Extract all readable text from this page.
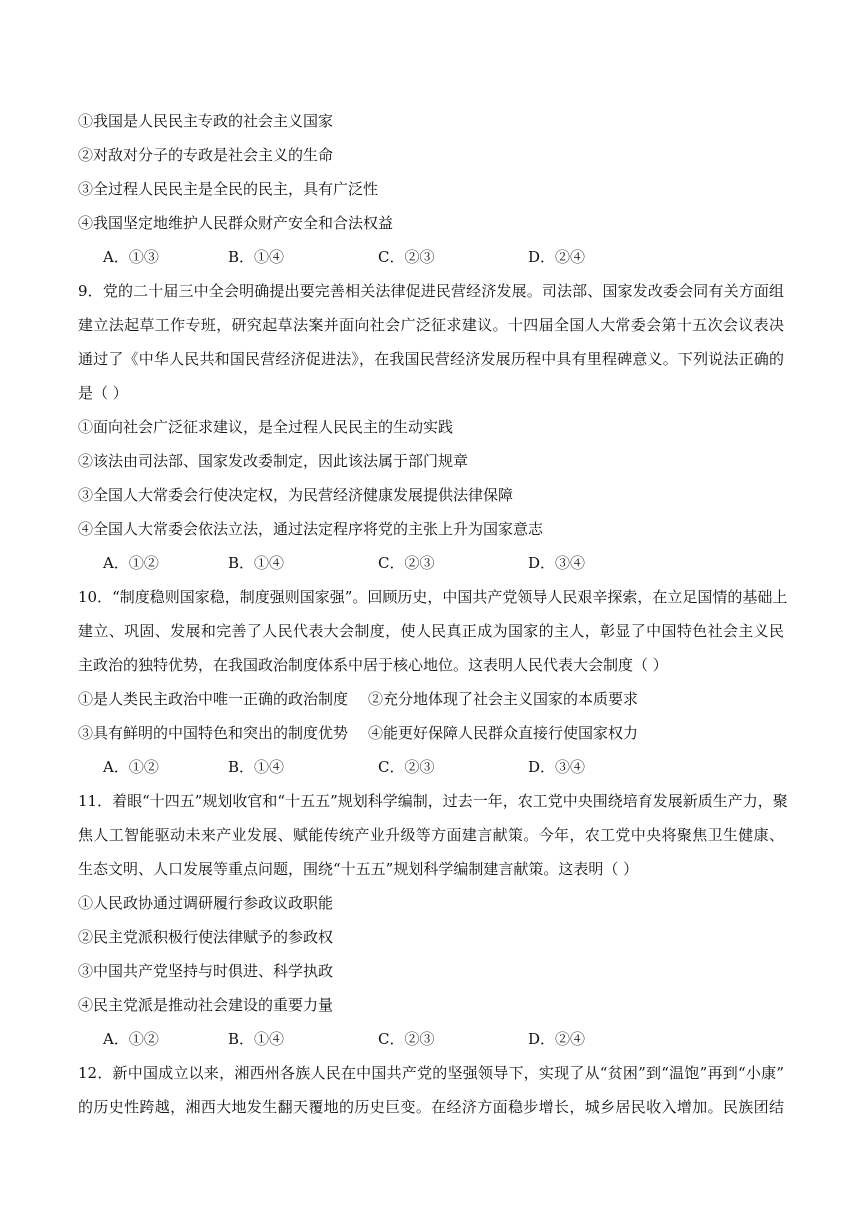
①我国是人民民主专政的社会主义国家
②对敌对分子的专政是社会主义的生命
③全过程人民民主是全民的民主，具有广泛性
④我国坚定地维护人民群众财产安全和合法权益
A．①③	B．①④	C．②③	D．②④
9．党的二十届三中全会明确提出要完善相关法律促进民营经济发展。司法部、国家发改委会同有关方面组
建立法起草工作专班，研究起草法案并面向社会广泛征求建议。十四届全国人大常委会第十五次会议表决
通过了《中华人民共和国民营经济促进法》，在我国民营经济发展历程中具有里程碑意义。下列说法正确的
是（ ）
①面向社会广泛征求建议，是全过程人民民主的生动实践
②该法由司法部、国家发改委制定，因此该法属于部门规章
③全国人大常委会行使决定权，为民营经济健康发展提供法律保障
④全国人大常委会依法立法，通过法定程序将党的主张上升为国家意志
A．①②	B．①④	C．②③	D．③④
10．“制度稳则国家稳，制度强则国家强”。回顾历史，中国共产党领导人民艰辛探索，在立足国情的基础上
建立、巩固、发展和完善了人民代表大会制度，使人民真正成为国家的主人，彰显了中国特色社会主义民
主政治的独特优势，在我国政治制度体系中居于核心地位。这表明人民代表大会制度（ ）
①是人类民主政治中唯一正确的政治制度 ②充分地体现了社会主义国家的本质要求
③具有鲜明的中国特色和突出的制度优势 ④能更好保障人民群众直接行使国家权力
A．①②	B．①④	C．②③	D．③④
11．着眼“十四五”规划收官和“十五五”规划科学编制，过去一年，农工党中央围绕培育发展新质生产力，聚
焦人工智能驱动未来产业发展、赋能传统产业升级等方面建言献策。今年，农工党中央将聚焦卫生健康、
生态文明、人口发展等重点问题，围绕“十五五”规划科学编制建言献策。这表明（ ）
①人民政协通过调研履行参政议政职能
②民主党派积极行使法律赋予的参政权
③中国共产党坚持与时俱进、科学执政
④民主党派是推动社会建设的重要力量
A．①②	B．①④	C．②③	D．②④
12．新中国成立以来，湘西州各族人民在中国共产党的坚强领导下，实现了从“贫困”到“温饱”再到“小康”
的历史性跨越，湘西大地发生翻天覆地的历史巨变。在经济方面稳步增长，城乡居民收入增加。民族团结
